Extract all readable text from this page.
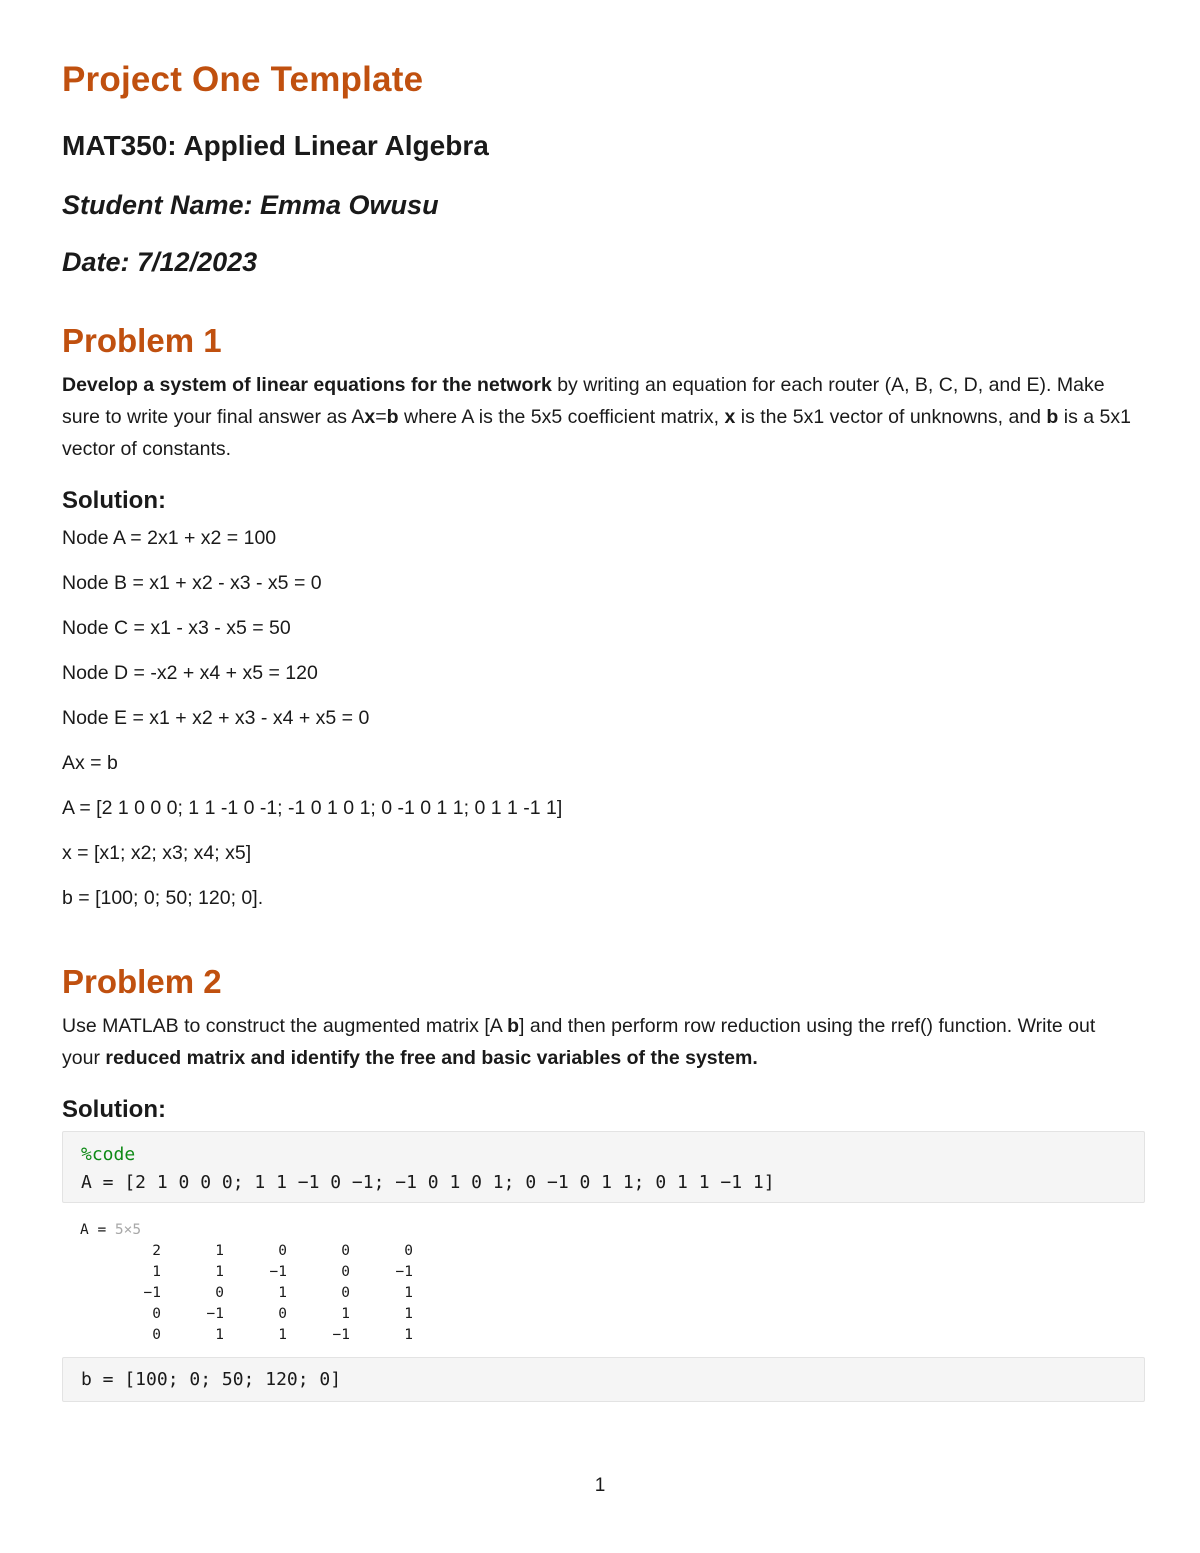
Project One Template
MAT350: Applied Linear Algebra
Student Name: Emma Owusu
Date: 7/12/2023
Problem 1

Develop a system of linear equations for the network by writing an equation for each router (A, B, C, D, and E). Make sure to write your final answer as Ax=b where A is the 5x5 coefficient matrix, x is the 5x1 vector of unknowns, and b is a 5x1 vector of constants.

Solution:

Node A = 2x1 + x2 = 100

Node B = x1 + x2 - x3 - x5 = 0

Node C = x1 - x3 - x5 = 50

Node D = -x2 + x4 + x5 = 120

Node E = x1 + x2 + x3 - x4 + x5 = 0

Ax = b

A = [2 1 0 0 0; 1 1 -1 0 -1; -1 0 1 0 1; 0 -1 0 1 1; 0 1 1 -1 1]

x = [x1; x2; x3; x4; x5]

b = [100; 0; 50; 120; 0].

Problem 2

Use MATLAB to construct the augmented matrix [A b] and then perform row reduction using the rref() function. Write out your reduced matrix and identify the free and basic variables of the system.

Solution:
%code
A = [2 1 0 0 0; 1 1 −1 0 −1; −1 0 1 0 1; 0 −1 0 1 1; 0 1 1 −1 1]
A = 5×5
2	1	0	0	0
1	1	−1	0	−1
−1	0	1	0	1
0	−1	0	1	1
0	1	1	−1	1
b = [100; 0; 50; 120; 0]
1
